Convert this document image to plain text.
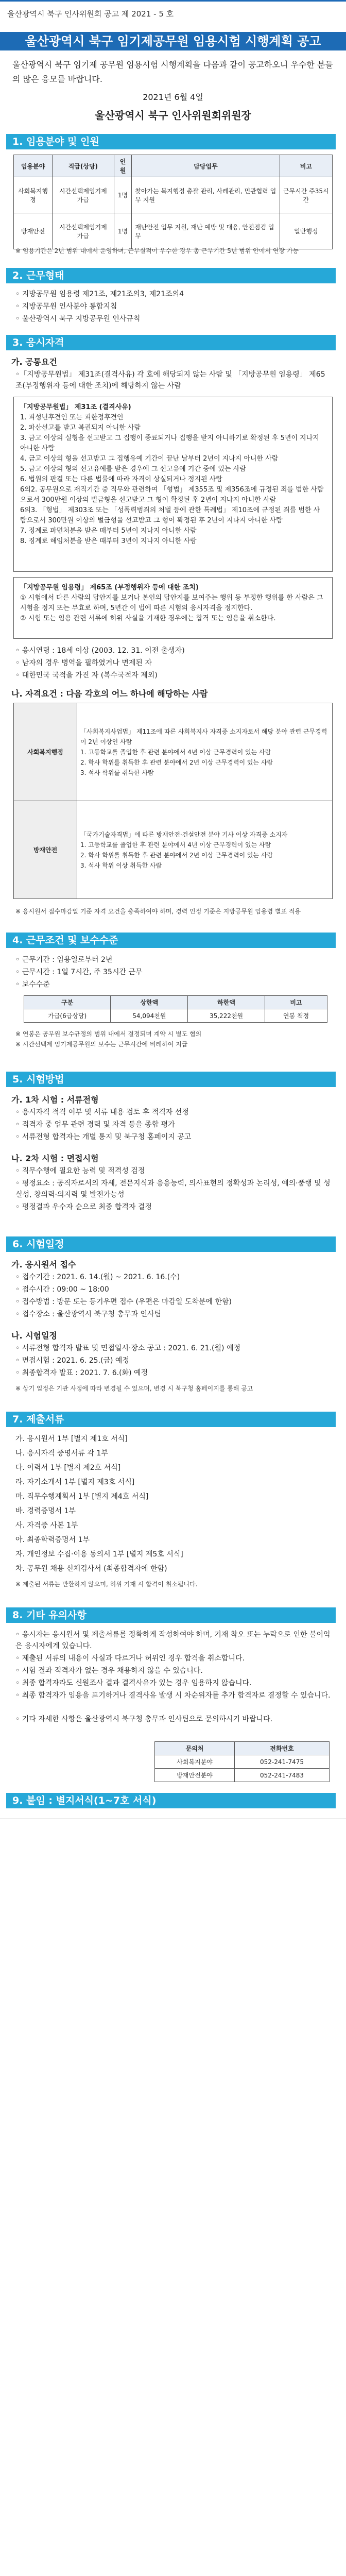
울산광역시 북구 인사위원회 공고 제 2021 - 5 호
울산광역시 북구 임기제공무원 임용시험 시행계획 공고
울산광역시 북구 임기제 공무원 임용시험 시행계획을 다음과 같이 공고하오니 우수한 분들의 많은 응모를 바랍니다.
2021년 6월 4일
울산광역시 북구 인사위원회위원장
1. 임용분야 및 인원
임용분야	직급(상당)	인원	담당업무	비고
사회복지행정	시간선택제임기제 가급	1명	찾아가는 복지행정 총괄 관리, 사례관리, 민관협력 업무 지원	근무시간 주35시간
방재안전	시간선택제임기제 가급	1명	재난안전 업무 지원, 재난 예방 및 대응, 안전점검 업무	일반행정
※ 임용기간은 2년 범위 내에서 운영하며, 근무실적이 우수한 경우 총 근무기간 5년 범위 안에서 연장 가능
2. 근무형태
◦ 지방공무원 임용령 제21조, 제21조의3, 제21조의4
◦ 지방공무원 인사분야 통합지침
◦ 울산광역시 북구 지방공무원 인사규칙
3. 응시자격
가. 공통요건
◦「지방공무원법」 제31조(결격사유) 각 호에 해당되지 않는 사람 및 「지방공무원 임용령」 제65조(부정행위자 등에 대한 조치)에 해당하지 않는 사람
「지방공무원법」 제31조 (결격사유)
1. 피성년후견인 또는 피한정후견인
2. 파산선고를 받고 복권되지 아니한 사람
3. 금고 이상의 실형을 선고받고 그 집행이 종료되거나 집행을 받지 아니하기로 확정된 후 5년이 지나지 아니한 사람
4. 금고 이상의 형을 선고받고 그 집행유예 기간이 끝난 날부터 2년이 지나지 아니한 사람
5. 금고 이상의 형의 선고유예를 받은 경우에 그 선고유예 기간 중에 있는 사람
6. 법원의 판결 또는 다른 법률에 따라 자격이 상실되거나 정지된 사람
6의2. 공무원으로 재직기간 중 직무와 관련하여 「형법」 제355조 및 제356조에 규정된 죄를 범한 사람으로서 300만원 이상의 벌금형을 선고받고 그 형이 확정된 후 2년이 지나지 아니한 사람
6의3. 「형법」 제303조 또는 「성폭력범죄의 처벌 등에 관한 특례법」 제10조에 규정된 죄를 범한 사람으로서 300만원 이상의 벌금형을 선고받고 그 형이 확정된 후 2년이 지나지 아니한 사람
7. 징계로 파면처분을 받은 때부터 5년이 지나지 아니한 사람
8. 징계로 해임처분을 받은 때부터 3년이 지나지 아니한 사람
「지방공무원 임용령」 제65조 (부정행위자 등에 대한 조치)
① 시험에서 다른 사람의 답안지를 보거나 본인의 답안지를 보여주는 행위 등 부정한 행위를 한 사람은 그 시험을 정지 또는 무효로 하며, 5년간 이 법에 따른 시험의 응시자격을 정지한다.
② 시험 또는 임용 관련 서류에 허위 사실을 기재한 경우에는 합격 또는 임용을 취소한다.
◦ 응시연령 : 18세 이상 (2003. 12. 31. 이전 출생자)
◦ 남자의 경우 병역을 필하였거나 면제된 자
◦ 대한민국 국적을 가진 자 (복수국적자 제외)
나. 자격요건 : 다음 각호의 어느 하나에 해당하는 사람
사회복지행정	「사회복지사업법」 제11조에 따른 사회복지사 자격증 소지자로서 해당 분야 관련 근무경력이 2년 이상인 사람
1. 고등학교를 졸업한 후 관련 분야에서 4년 이상 근무경력이 있는 사람
2. 학사 학위를 취득한 후 관련 분야에서 2년 이상 근무경력이 있는 사람
3. 석사 학위를 취득한 사람
방재안전	「국가기술자격법」에 따른 방재안전·건설안전 분야 기사 이상 자격증 소지자
1. 고등학교를 졸업한 후 관련 분야에서 4년 이상 근무경력이 있는 사람
2. 학사 학위를 취득한 후 관련 분야에서 2년 이상 근무경력이 있는 사람
3. 석사 학위 이상 취득한 사람
※ 응시원서 접수마감일 기준 자격 요건을 충족하여야 하며, 경력 인정 기준은 지방공무원 임용령 별표 적용
4. 근무조건 및 보수수준
◦ 근무기간 : 임용일로부터 2년
◦ 근무시간 : 1일 7시간, 주 35시간 근무
◦ 보수수준
구분	상한액	하한액	비고
가급(6급상당)	54,094천원	35,222천원	연봉 책정
※ 연봉은 공무원 보수규정의 범위 내에서 결정되며 계약 시 별도 협의
※ 시간선택제 임기제공무원의 보수는 근무시간에 비례하여 지급
5. 시험방법
가. 1차 시험 : 서류전형
◦ 응시자격 적격 여부 및 서류 내용 검토 후 적격자 선정
◦ 적격자 중 업무 관련 경력 및 자격 등을 종합 평가
◦ 서류전형 합격자는 개별 통지 및 북구청 홈페이지 공고
나. 2차 시험 : 면접시험
◦ 직무수행에 필요한 능력 및 적격성 검정
◦ 평정요소 : 공직자로서의 자세, 전문지식과 응용능력, 의사표현의 정확성과 논리성, 예의·품행 및 성실성, 창의력·의지력 및 발전가능성
◦ 평정결과 우수자 순으로 최종 합격자 결정
6. 시험일정
가. 응시원서 접수
◦ 접수기간 : 2021. 6. 14.(월) ~ 2021. 6. 16.(수)
◦ 접수시간 : 09:00 ~ 18:00
◦ 접수방법 : 방문 또는 등기우편 접수 (우편은 마감일 도착분에 한함)
◦ 접수장소 : 울산광역시 북구청 총무과 인사팀
나. 시험일정
◦ 서류전형 합격자 발표 및 면접일시·장소 공고 : 2021. 6. 21.(월) 예정
◦ 면접시험 : 2021. 6. 25.(금) 예정
◦ 최종합격자 발표 : 2021. 7. 6.(화) 예정
※ 상기 일정은 기관 사정에 따라 변경될 수 있으며, 변경 시 북구청 홈페이지를 통해 공고
7. 제출서류
가. 응시원서 1부 [별지 제1호 서식]
나. 응시자격 증명서류 각 1부
다. 이력서 1부 [별지 제2호 서식]
라. 자기소개서 1부 [별지 제3호 서식]
마. 직무수행계획서 1부 [별지 제4호 서식]
바. 경력증명서 1부
사. 자격증 사본 1부
아. 최종학력증명서 1부
자. 개인정보 수집·이용 동의서 1부 [별지 제5호 서식]
차. 공무원 채용 신체검사서 (최종합격자에 한함)
※ 제출된 서류는 반환하지 않으며, 허위 기재 시 합격이 취소됩니다.
8. 기타 유의사항
◦ 응시자는 응시원서 및 제출서류를 정확하게 작성하여야 하며, 기재 착오 또는 누락으로 인한 불이익은 응시자에게 있습니다.
◦ 제출된 서류의 내용이 사실과 다르거나 허위인 경우 합격을 취소합니다.
◦ 시험 결과 적격자가 없는 경우 채용하지 않을 수 있습니다.
◦ 최종 합격자라도 신원조사 결과 결격사유가 있는 경우 임용하지 않습니다.
◦ 최종 합격자가 임용을 포기하거나 결격사유 발생 시 차순위자를 추가 합격자로 결정할 수 있습니다.
◦ 기타 자세한 사항은 울산광역시 북구청 총무과 인사팀으로 문의하시기 바랍니다.
문의처	전화번호
사회복지분야	052-241-7475
방재안전분야	052-241-7483
9. 붙임 : 별지서식(1~7호 서식)
